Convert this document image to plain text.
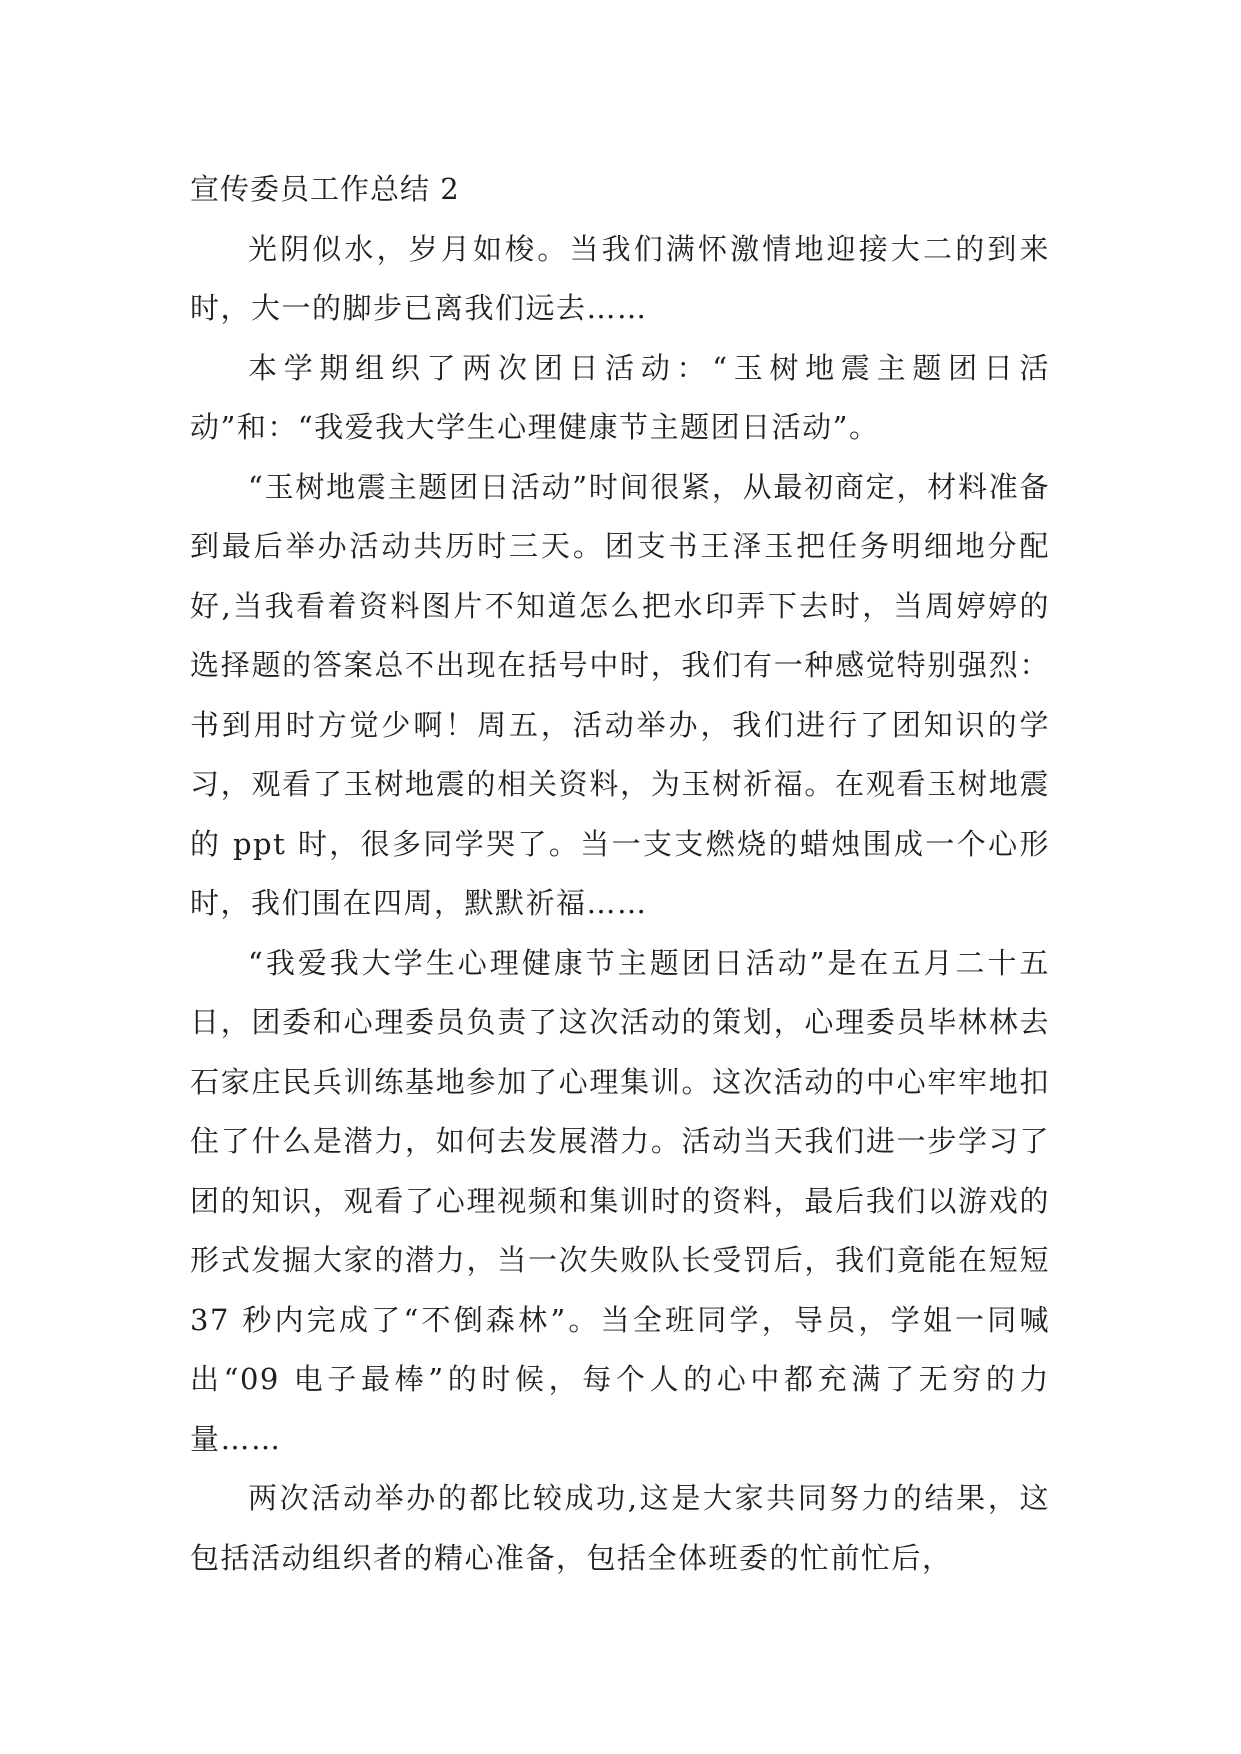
宣传委员工作总结 2

光阴似水，岁月如梭。当我们满怀激情地迎接大二的到来时，大一的脚步已离我们远去……

本学期组织了两次团日活动：“玉树地震主题团日活动”和：“我爱我大学生心理健康节主题团日活动”。

“玉树地震主题团日活动”时间很紧，从最初商定，材料准备到最后举办活动共历时三天。团支书王泽玉把任务明细地分配好,当我看着资料图片不知道怎么把水印弄下去时，当周婷婷的选择题的答案总不出现在括号中时，我们有一种感觉特别强烈：书到用时方觉少啊！周五，活动举办，我们进行了团知识的学习，观看了玉树地震的相关资料，为玉树祈福。在观看玉树地震的 ppt 时，很多同学哭了。当一支支燃烧的蜡烛围成一个心形时，我们围在四周，默默祈福……

“我爱我大学生心理健康节主题团日活动”是在五月二十五日，团委和心理委员负责了这次活动的策划，心理委员毕林林去石家庄民兵训练基地参加了心理集训。这次活动的中心牢牢地扣住了什么是潜力，如何去发展潜力。活动当天我们进一步学习了团的知识，观看了心理视频和集训时的资料，最后我们以游戏的形式发掘大家的潜力，当一次失败队长受罚后，我们竟能在短短 37 秒内完成了“不倒森林”。当全班同学，导员，学姐一同喊出“09 电子最棒”的时候，每个人的心中都充满了无穷的力量……

两次活动举办的都比较成功,这是大家共同努力的结果，这包括活动组织者的精心准备，包括全体班委的忙前忙后，
